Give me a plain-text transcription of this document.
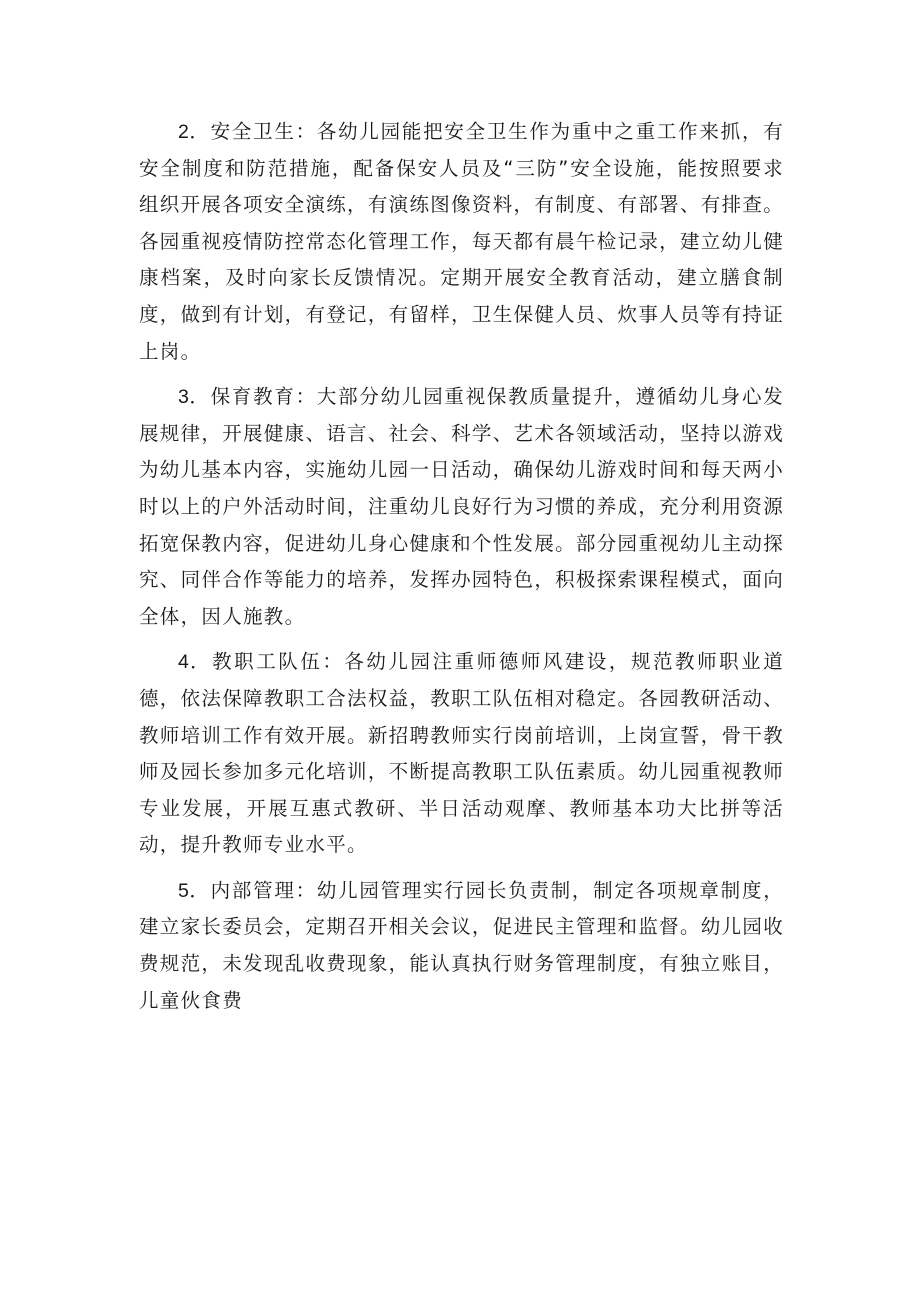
2．安全卫生：各幼儿园能把安全卫生作为重中之重工作来抓，有安全制度和防范措施，配备保安人员及“三防”安全设施，能按照要求组织开展各项安全演练，有演练图像资料，有制度、有部署、有排查。各园重视疫情防控常态化管理工作，每天都有晨午检记录，建立幼儿健康档案，及时向家长反馈情况。定期开展安全教育活动，建立膳食制度，做到有计划，有登记，有留样，卫生保健人员、炊事人员等有持证上岗。

3．保育教育：大部分幼儿园重视保教质量提升，遵循幼儿身心发展规律，开展健康、语言、社会、科学、艺术各领域活动，坚持以游戏为幼儿基本内容，实施幼儿园一日活动，确保幼儿游戏时间和每天两小时以上的户外活动时间，注重幼儿良好行为习惯的养成，充分利用资源拓宽保教内容，促进幼儿身心健康和个性发展。部分园重视幼儿主动探究、同伴合作等能力的培养，发挥办园特色，积极探索课程模式，面向全体，因人施教。

4．教职工队伍：各幼儿园注重师德师风建设，规范教师职业道德，依法保障教职工合法权益，教职工队伍相对稳定。各园教研活动、教师培训工作有效开展。新招聘教师实行岗前培训，上岗宣誓，骨干教师及园长参加多元化培训，不断提高教职工队伍素质。幼儿园重视教师专业发展，开展互惠式教研、半日活动观摩、教师基本功大比拼等活动，提升教师专业水平。

5．内部管理：幼儿园管理实行园长负责制，制定各项规章制度，建立家长委员会，定期召开相关会议，促进民主管理和监督。幼儿园收费规范，未发现乱收费现象，能认真执行财务管理制度，有独立账目，儿童伙食费
